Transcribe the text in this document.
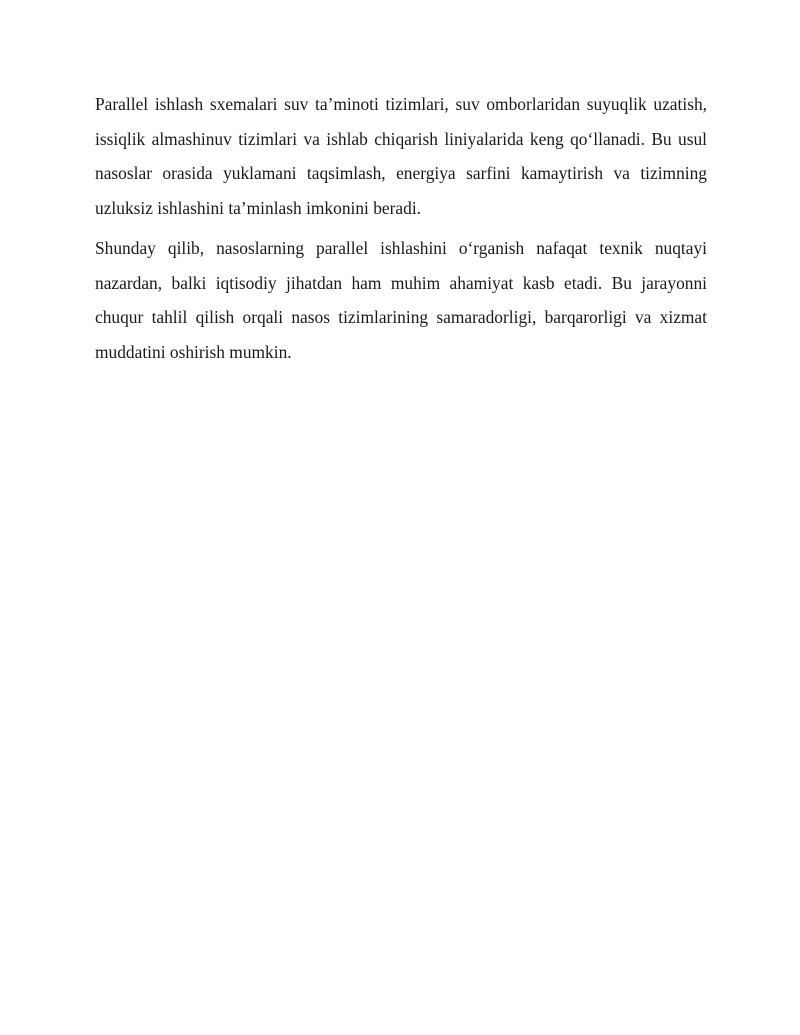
Parallel ishlash sxemalari suv ta’minoti tizimlari, suv omborlaridan suyuqlik uzatish, issiqlik almashinuv tizimlari va ishlab chiqarish liniyalarida keng qo‘llanadi. Bu usul nasoslar orasida yuklamani taqsimlash, energiya sarfini kamaytirish va tizimning uzluksiz ishlashini ta’minlash imkonini beradi.

Shunday qilib, nasoslarning parallel ishlashini o‘rganish nafaqat texnik nuqtayi nazardan, balki iqtisodiy jihatdan ham muhim ahamiyat kasb etadi. Bu jarayonni chuqur tahlil qilish orqali nasos tizimlarining samaradorligi, barqarorligi va xizmat muddatini oshirish mumkin.
